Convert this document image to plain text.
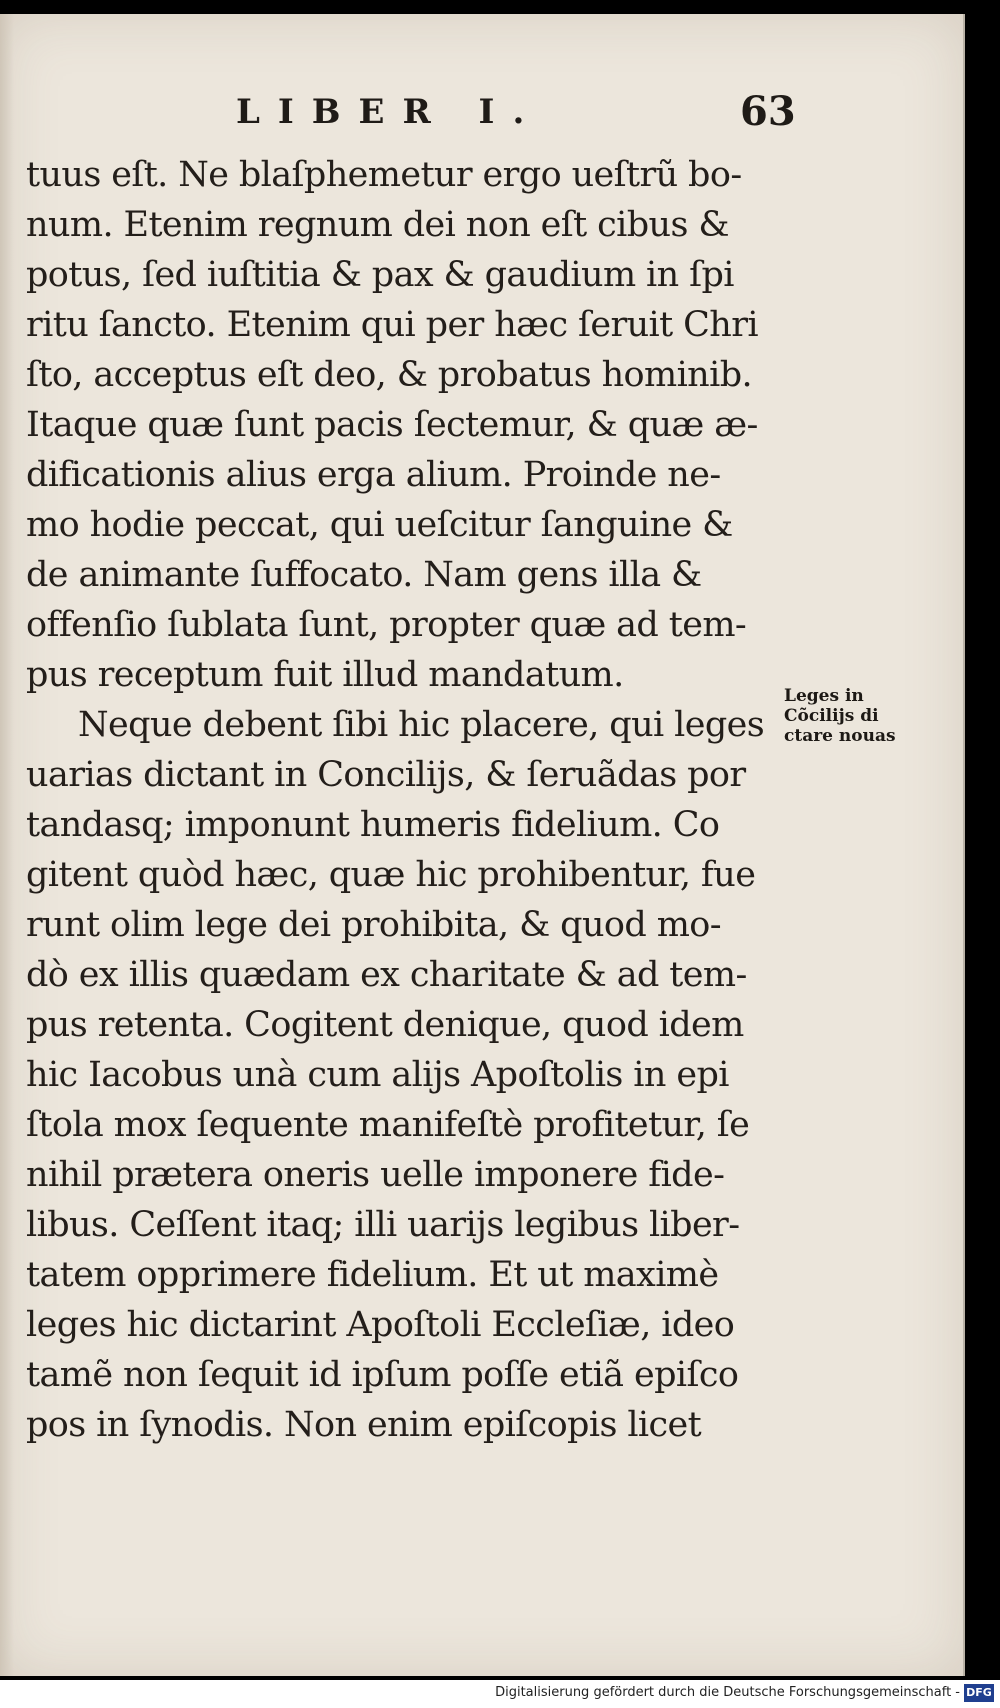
LIBER I.	63
tuus eſt. Ne blaſphemetur ergo ueſtrũ bo-
num. Etenim regnum dei non eſt cibus &
potus, ſed iuſtitia & pax & gaudium in ſpi
ritu ſancto. Etenim qui per hæc ſeruit Chri
ſto, acceptus eſt deo, & probatus hominib.
Itaque quæ ſunt pacis ſectemur, & quæ æ-
dificationis alius erga alium. Proinde ne-
mo hodie peccat, qui ueſcitur ſanguine &
de animante ſuffocato. Nam gens illa &
offenſio ſublata ſunt, propter quæ ad tem-
pus receptum fuit illud mandatum.
Neque debent ſibi hic placere, qui leges
uarias dictant in Concilijs, & ſeruãdas por
tandasq; imponunt humeris fidelium. Co
gitent quòd hæc, quæ hic prohibentur, fue
runt olim lege dei prohibita, & quod mo-
dò ex illis quædam ex charitate & ad tem-
pus retenta. Cogitent denique, quod idem
hic Iacobus unà cum alijs Apoſtolis in epi
ſtola mox ſequente manifeſtè profitetur, ſe
nihil prætera oneris uelle imponere fide-
libus. Ceſſent itaq; illi uarijs legibus liber-
tatem opprimere fidelium. Et ut maximè
leges hic dictarint Apoſtoli Eccleſiæ, ideo
tamẽ non ſequit id ipſum poſſe etiã epiſco
pos in ſynodis. Non enim epiſcopis licet
Leges in
Cõcilijs di
ctare nouas
Digitalisierung gefördert durch die Deutsche Forschungsgemeinschaft - DFG
